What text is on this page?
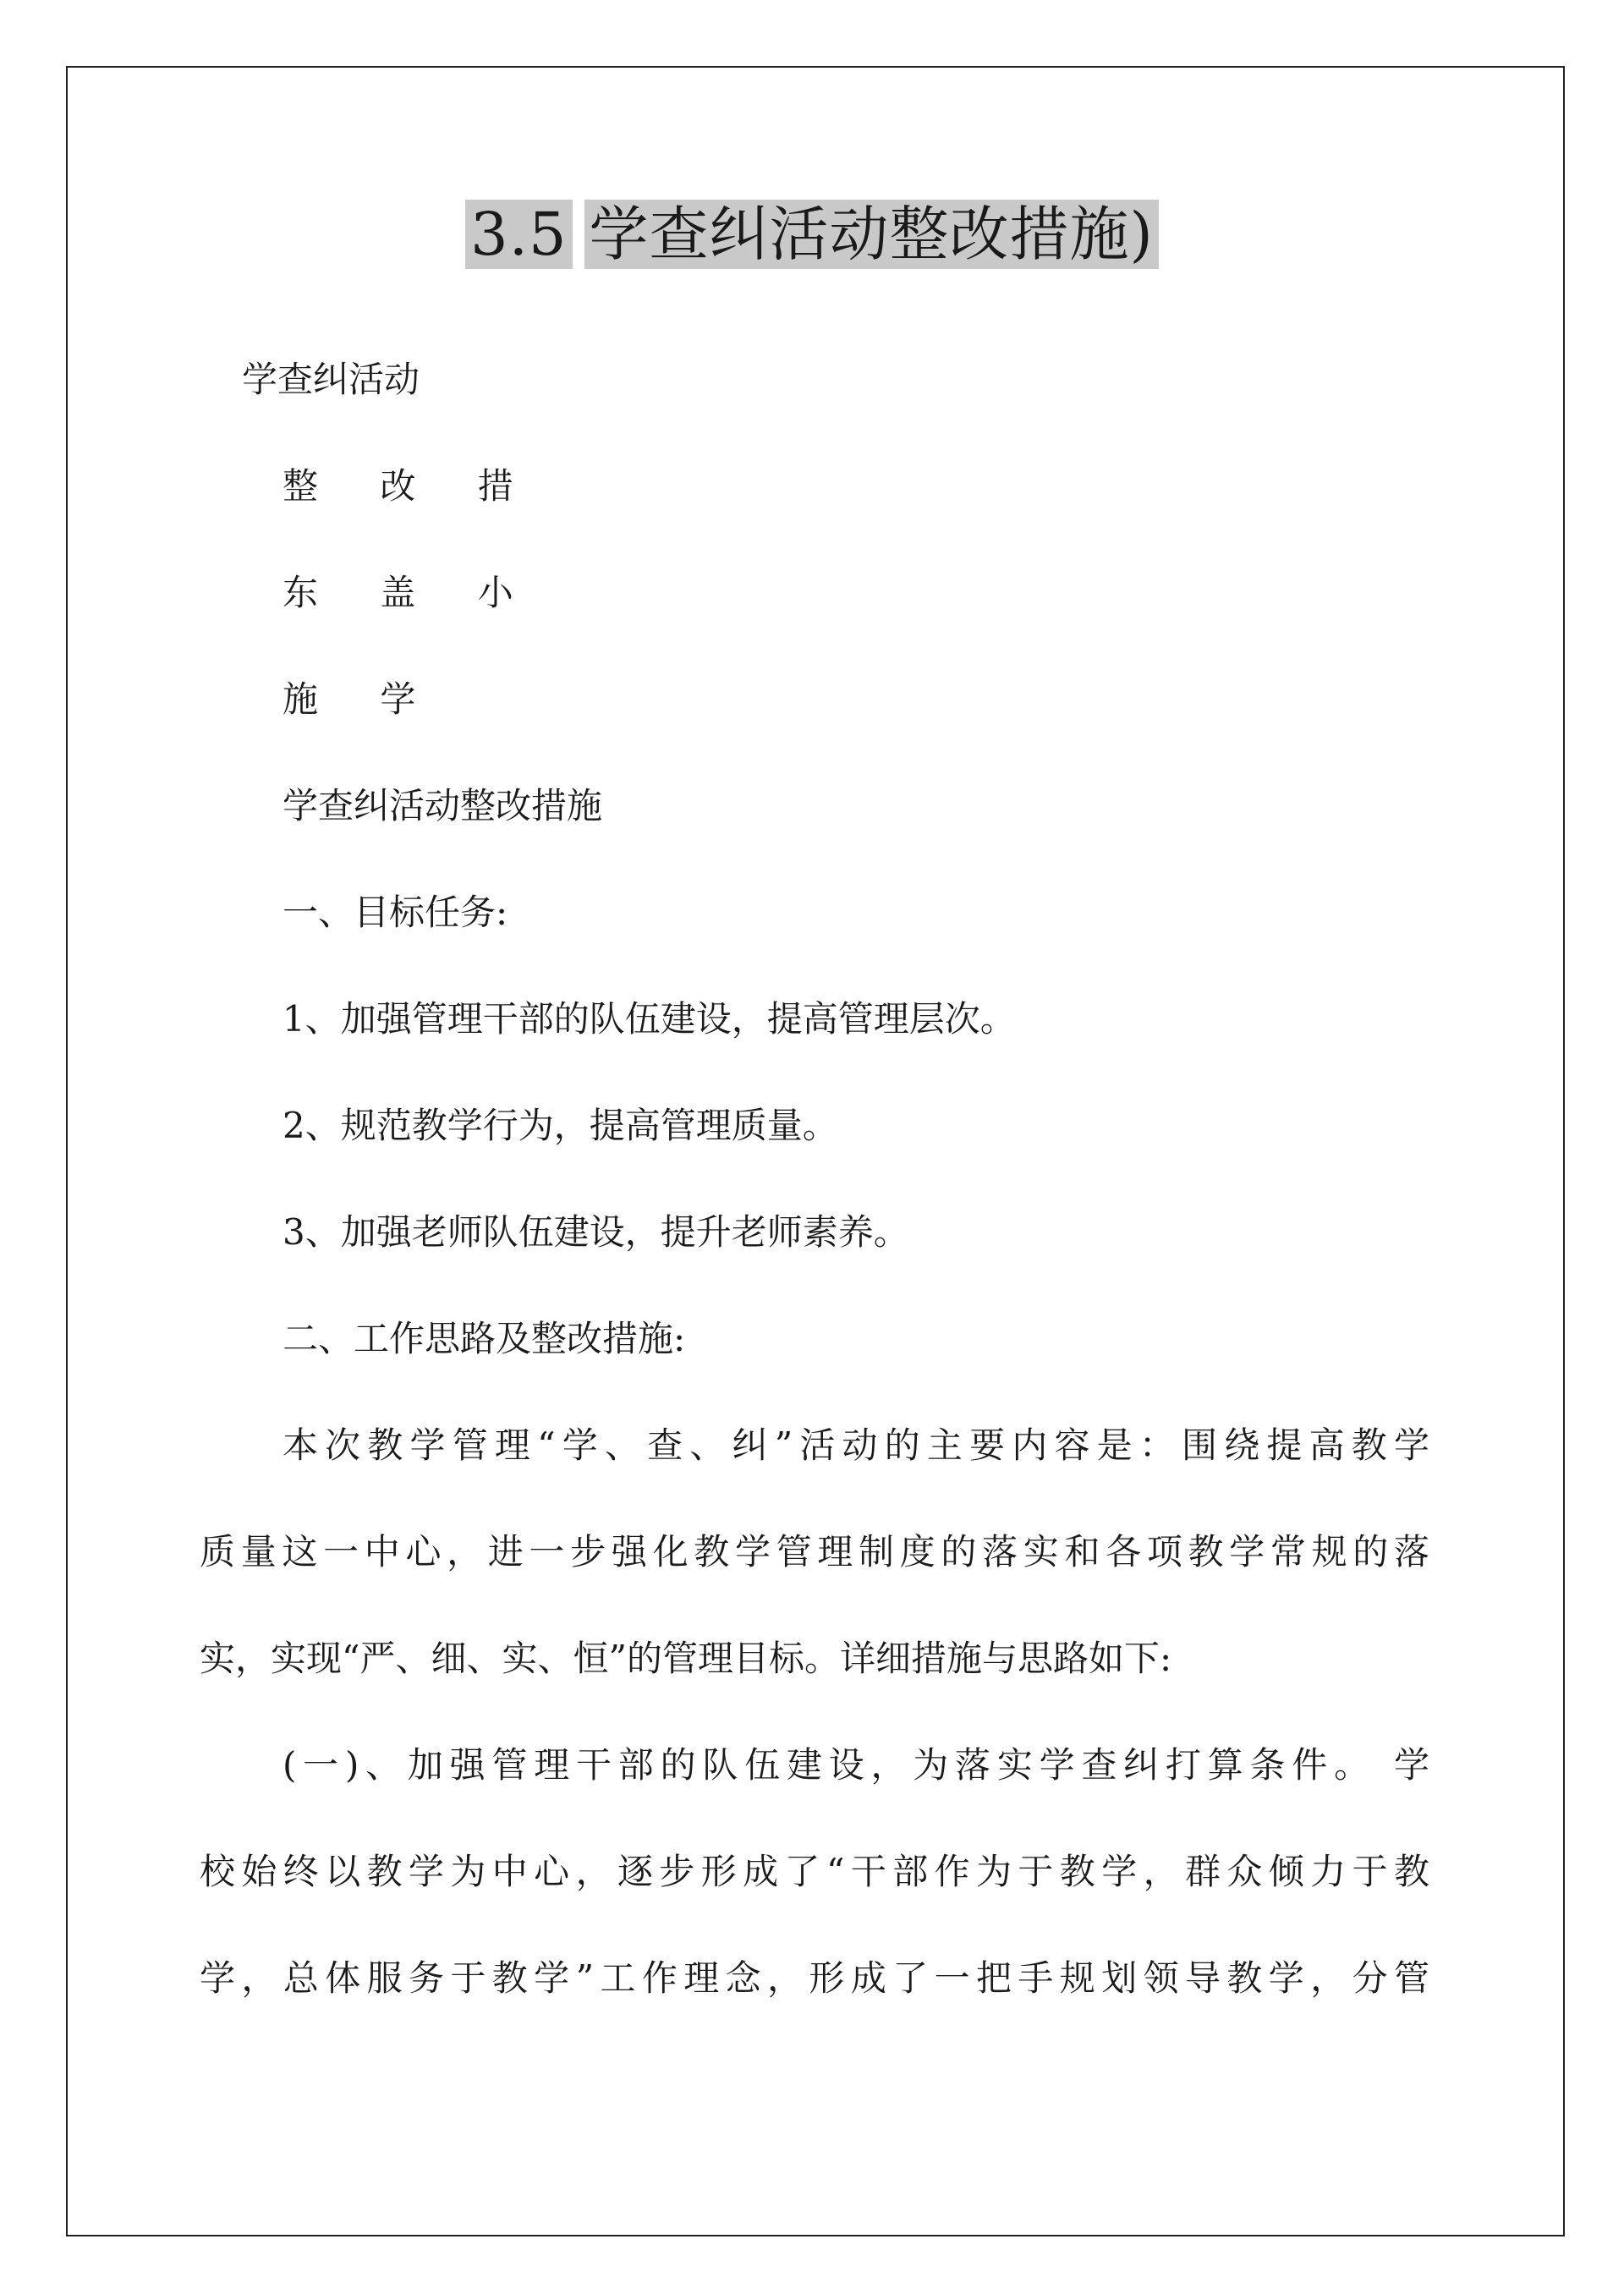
3.5 学查纠活动整改措施)
学查纠活动
整 改 措
东 盖 小
施 学
学查纠活动整改措施
一、目标任务:
1、加强管理干部的队伍建设，提高管理层次。
2、规范教学行为，提高管理质量。
3、加强老师队伍建设，提升老师素养。
二、工作思路及整改措施:
本次教学管理“学、查、纠”活动的主要内容是：围绕提高教学
质量这一中心，进一步强化教学管理制度的落实和各项教学常规的落
实，实现“严、细、实、恒”的管理目标。详细措施与思路如下:
(一)、加强管理干部的队伍建设，为落实学查纠打算条件。 学
校始终以教学为中心，逐步形成了“干部作为于教学，群众倾力于教
学，总体服务于教学”工作理念，形成了一把手规划领导教学，分管
